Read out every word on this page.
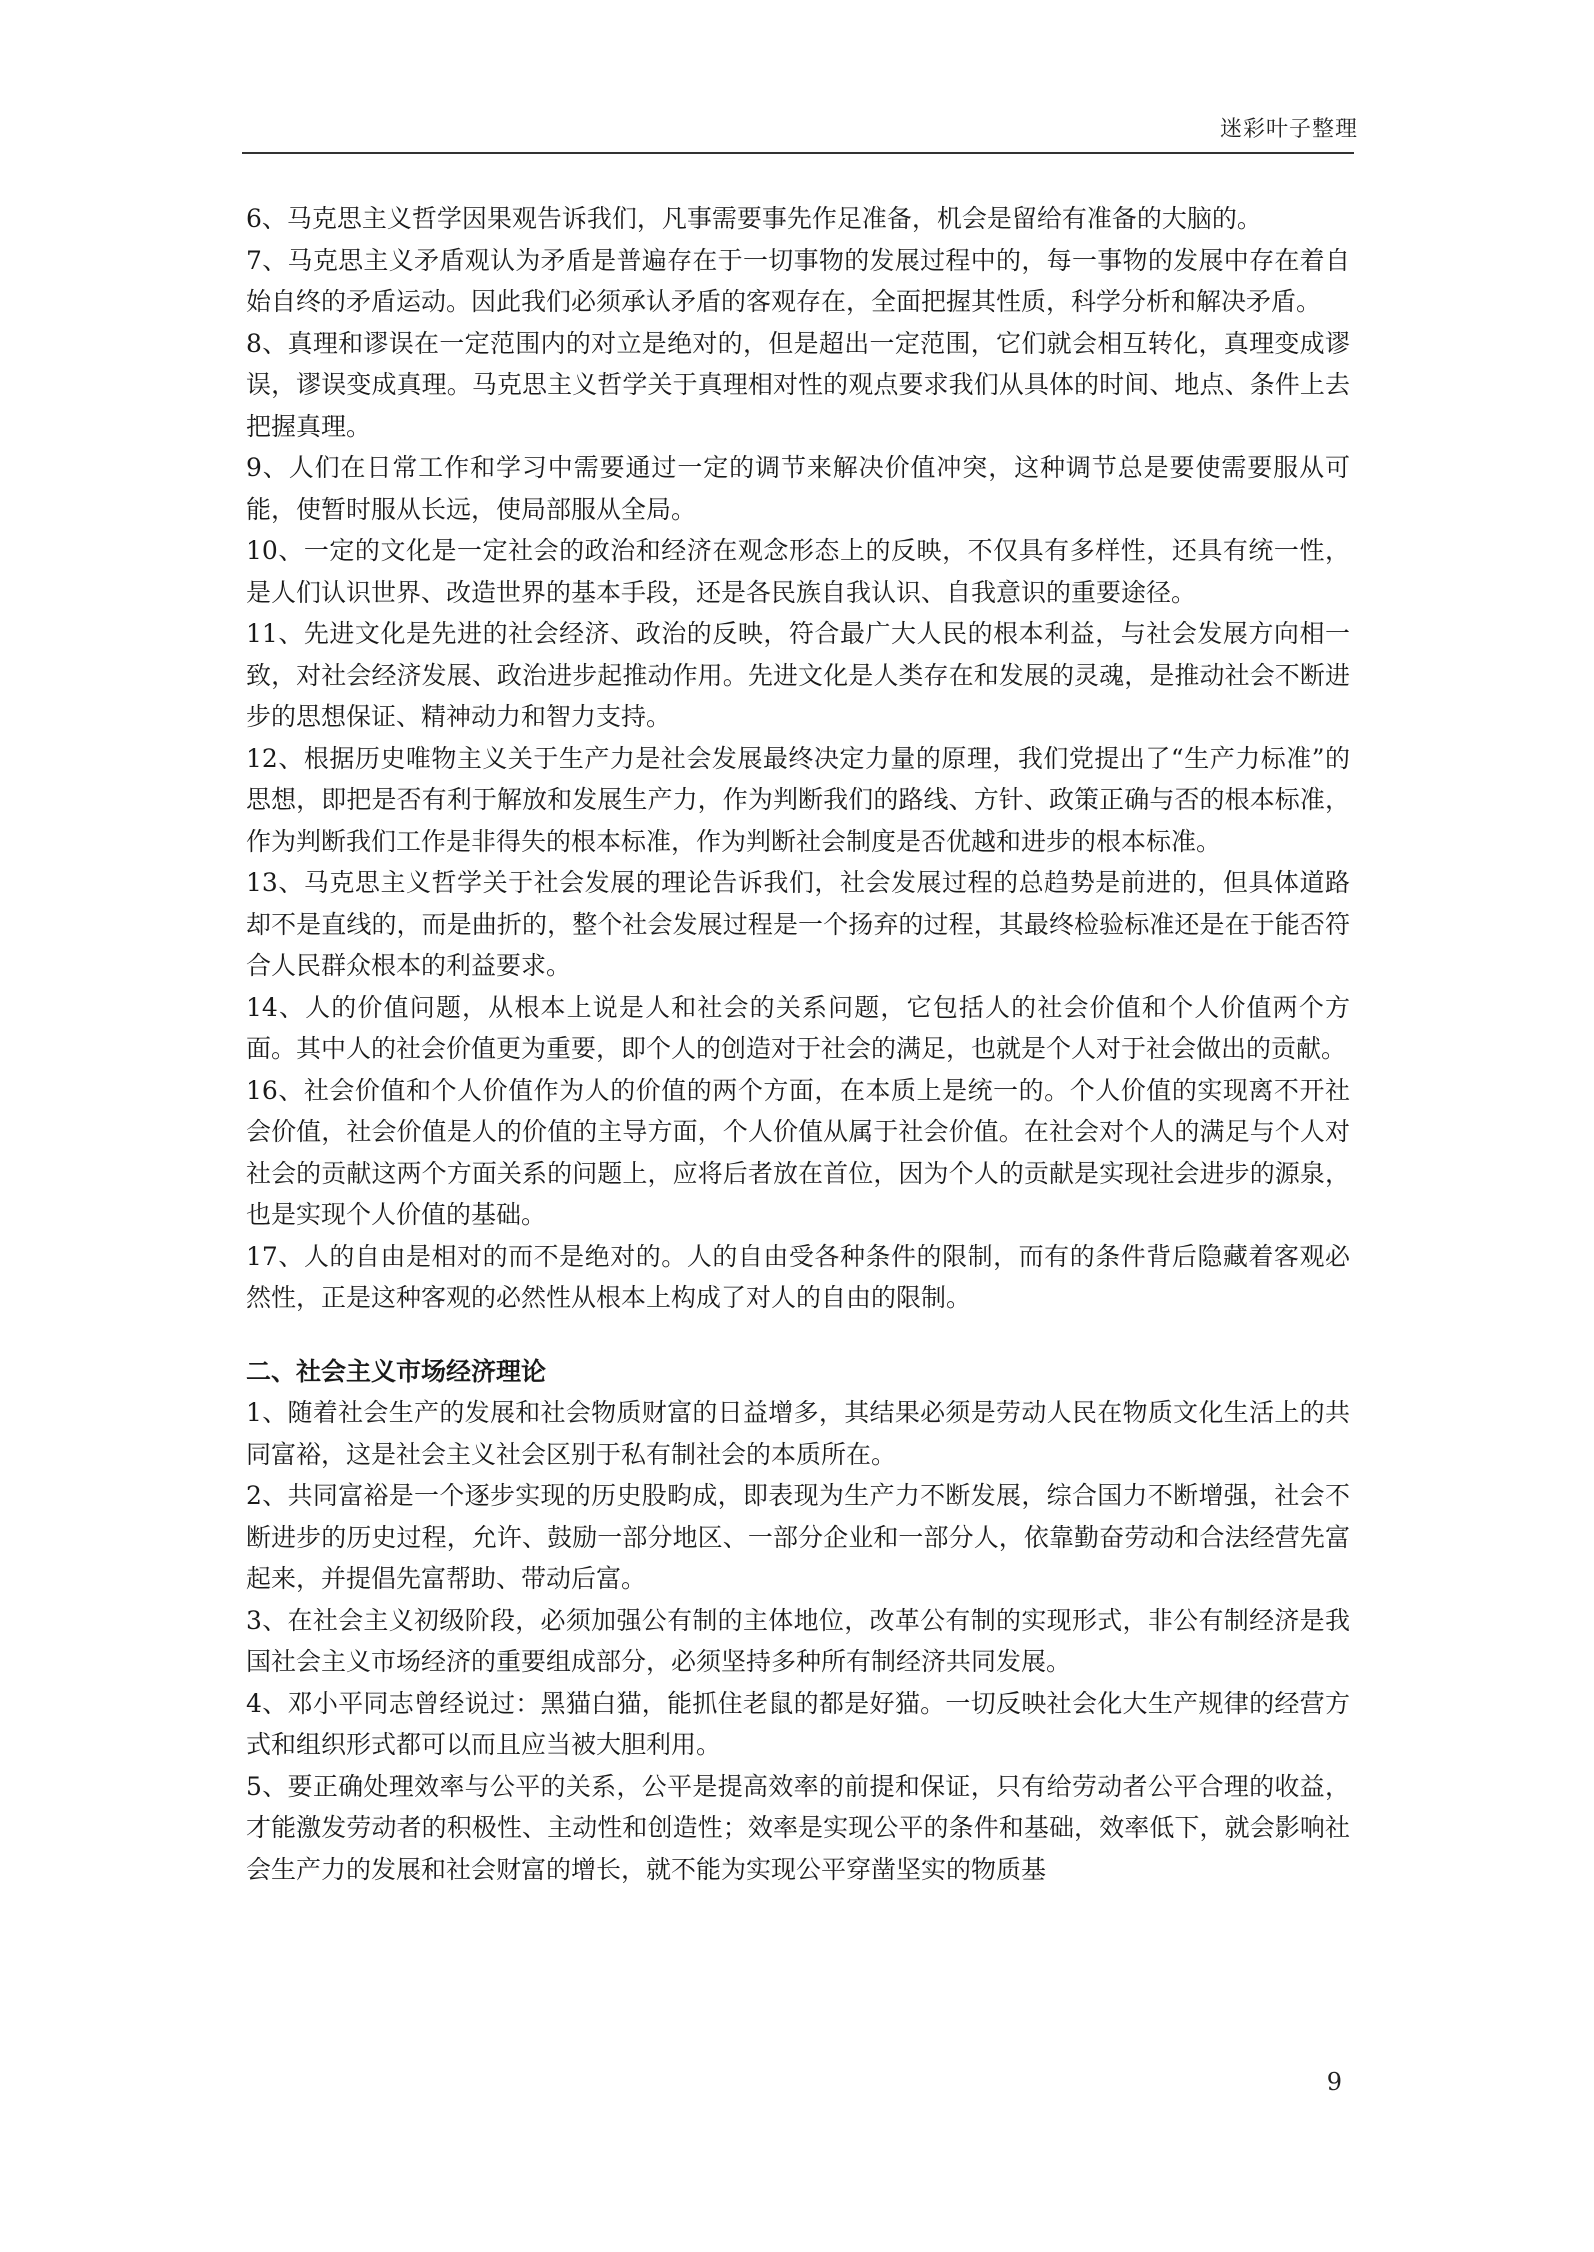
迷彩叶子整理

6、马克思主义哲学因果观告诉我们，凡事需要事先作足准备，机会是留给有准备的大脑的。

7、马克思主义矛盾观认为矛盾是普遍存在于一切事物的发展过程中的，每一事物的发展中存在着自始自终的矛盾运动。因此我们必须承认矛盾的客观存在，全面把握其性质，科学分析和解决矛盾。

8、真理和谬误在一定范围内的对立是绝对的，但是超出一定范围，它们就会相互转化，真理变成谬误，谬误变成真理。马克思主义哲学关于真理相对性的观点要求我们从具体的时间、地点、条件上去把握真理。

9、人们在日常工作和学习中需要通过一定的调节来解决价值冲突，这种调节总是要使需要服从可能，使暂时服从长远，使局部服从全局。

10、一定的文化是一定社会的政治和经济在观念形态上的反映，不仅具有多样性，还具有统一性，是人们认识世界、改造世界的基本手段，还是各民族自我认识、自我意识的重要途径。

11、先进文化是先进的社会经济、政治的反映，符合最广大人民的根本利益，与社会发展方向相一致，对社会经济发展、政治进步起推动作用。先进文化是人类存在和发展的灵魂，是推动社会不断进步的思想保证、精神动力和智力支持。

12、根据历史唯物主义关于生产力是社会发展最终决定力量的原理，我们党提出了“生产力标准”的思想，即把是否有利于解放和发展生产力，作为判断我们的路线、方针、政策正确与否的根本标准，作为判断我们工作是非得失的根本标准，作为判断社会制度是否优越和进步的根本标准。

13、马克思主义哲学关于社会发展的理论告诉我们，社会发展过程的总趋势是前进的，但具体道路却不是直线的，而是曲折的，整个社会发展过程是一个扬弃的过程，其最终检验标准还是在于能否符合人民群众根本的利益要求。

14、人的价值问题，从根本上说是人和社会的关系问题，它包括人的社会价值和个人价值两个方面。其中人的社会价值更为重要，即个人的创造对于社会的满足，也就是个人对于社会做出的贡献。

16、社会价值和个人价值作为人的价值的两个方面，在本质上是统一的。个人价值的实现离不开社会价值，社会价值是人的价值的主导方面，个人价值从属于社会价值。在社会对个人的满足与个人对社会的贡献这两个方面关系的问题上，应将后者放在首位，因为个人的贡献是实现社会进步的源泉，也是实现个人价值的基础。

17、人的自由是相对的而不是绝对的。人的自由受各种条件的限制，而有的条件背后隐藏着客观必然性，正是这种客观的必然性从根本上构成了对人的自由的限制。

二、社会主义市场经济理论

1、随着社会生产的发展和社会物质财富的日益增多，其结果必须是劳动人民在物质文化生活上的共同富裕，这是社会主义社会区别于私有制社会的本质所在。

2、共同富裕是一个逐步实现的历史股畇成，即表现为生产力不断发展，综合国力不断增强，社会不断进步的历史过程，允许、鼓励一部分地区、一部分企业和一部分人，依靠勤奋劳动和合法经营先富起来，并提倡先富帮助、带动后富。

3、在社会主义初级阶段，必须加强公有制的主体地位，改革公有制的实现形式，非公有制经济是我国社会主义市场经济的重要组成部分，必须坚持多种所有制经济共同发展。

4、邓小平同志曾经说过：黑猫白猫，能抓住老鼠的都是好猫。一切反映社会化大生产规律的经营方式和组织形式都可以而且应当被大胆利用。

5、要正确处理效率与公平的关系，公平是提高效率的前提和保证，只有给劳动者公平合理的收益，才能激发劳动者的积极性、主动性和创造性；效率是实现公平的条件和基础，效率低下，就会影响社会生产力的发展和社会财富的增长，就不能为实现公平穿凿坚实的物质基

9
